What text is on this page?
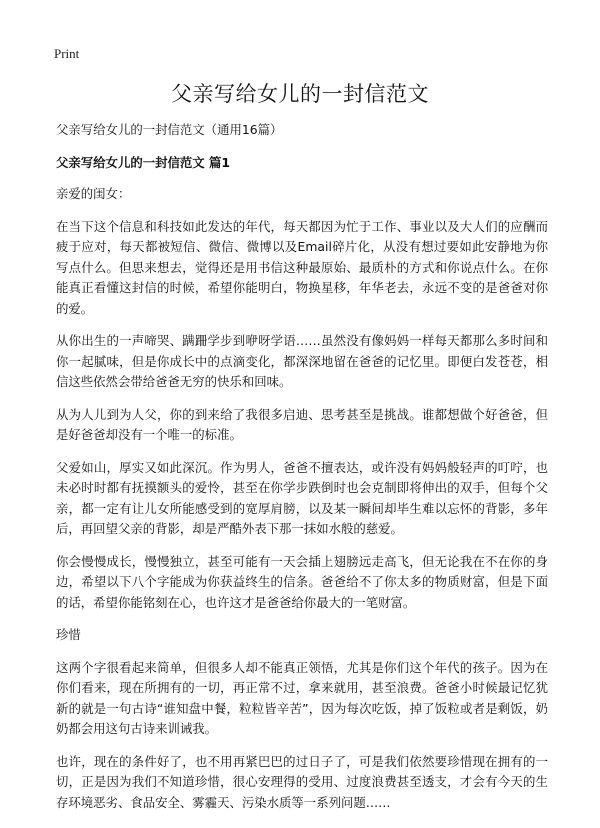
Print
父亲写给女儿的一封信范文

父亲写给女儿的一封信范文（通用16篇）

父亲写给女儿的一封信范文 篇1

亲爱的闺女：

在当下这个信息和科技如此发达的年代，每天都因为忙于工作、事业以及大人们的应酬而疲于应对，每天都被短信、微信、微博以及Email碎片化，从没有想过要如此安静地为你写点什么。但思来想去，觉得还是用书信这种最原始、最质朴的方式和你说点什么。在你能真正看懂这封信的时候，希望你能明白，物换星移，年华老去，永远不变的是爸爸对你的爱。

从你出生的一声啼哭、蹒跚学步到咿呀学语……虽然没有像妈妈一样每天都那么多时间和你一起腻味，但是你成长中的点滴变化，都深深地留在爸爸的记忆里。即便白发苍苍，相信这些依然会带给爸爸无穷的快乐和回味。

从为人儿到为人父，你的到来给了我很多启迪、思考甚至是挑战。谁都想做个好爸爸，但是好爸爸却没有一个唯一的标准。

父爱如山，厚实又如此深沉。作为男人，爸爸不擅表达，或许没有妈妈般轻声的叮咛，也未必时时都有抚摸额头的爱怜，甚至在你学步跌倒时也会克制即将伸出的双手，但每个父亲，都一定有让儿女所能感受到的宽厚肩膀，以及某一瞬间却毕生难以忘怀的背影，多年后，再回望父亲的背影，却是严酷外表下那一抹如水般的慈爱。

你会慢慢成长，慢慢独立，甚至可能有一天会插上翅膀远走高飞，但无论我在不在你的身边，希望以下八个字能成为你获益终生的信条。爸爸给不了你太多的物质财富，但是下面的话，希望你能铭刻在心，也许这才是爸爸给你最大的一笔财富。

珍惜

这两个字很看起来简单，但很多人却不能真正领悟，尤其是你们这个年代的孩子。因为在你们看来，现在所拥有的一切，再正常不过，拿来就用，甚至浪费。爸爸小时候最记忆犹新的就是一句古诗“谁知盘中餐，粒粒皆辛苦”，因为每次吃饭，掉了饭粒或者是剩饭，奶奶都会用这句古诗来训诫我。

也许，现在的条件好了，也不用再紧巴巴的过日子了，可是我们依然要珍惜现在拥有的一切，正是因为我们不知道珍惜，很心安理得的受用、过度浪费甚至透支，才会有今天的生存环境恶劣、食品安全、雾霾天、污染水质等一系列问题……
